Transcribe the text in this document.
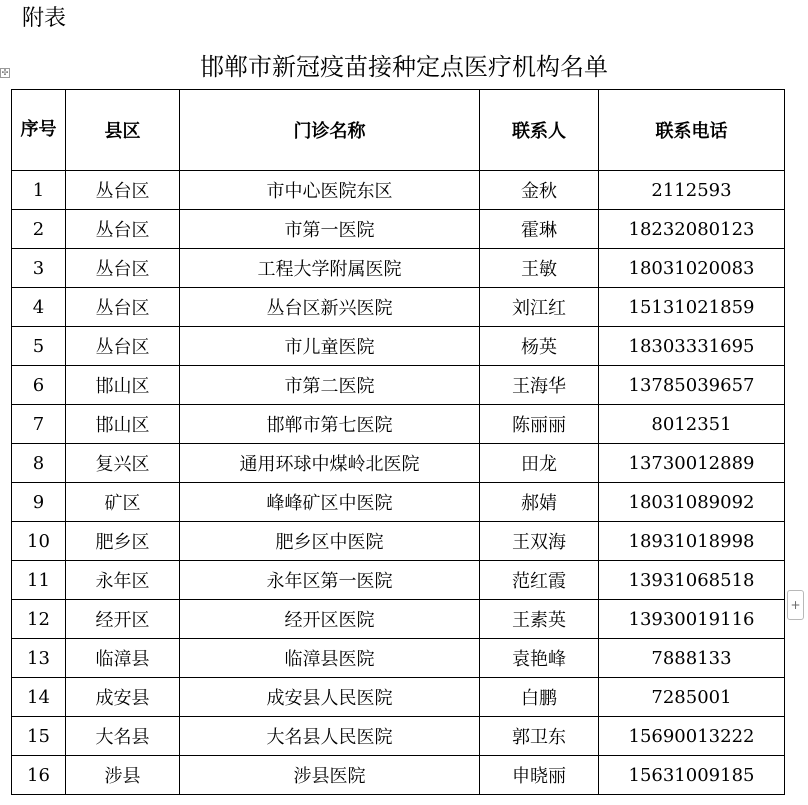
附表
✣	邯郸市新冠疫苗接种定点医疗机构名单
序号	县区	门诊名称	联系人	联系电话
1	丛台区	市中心医院东区	金秋	2112593
2	丛台区	市第一医院	霍琳	18232080123
3	丛台区	工程大学附属医院	王敏	18031020083
4	丛台区	丛台区新兴医院	刘江红	15131021859
5	丛台区	市儿童医院	杨英	18303331695
6	邯山区	市第二医院	王海华	13785039657
7	邯山区	邯郸市第七医院	陈丽丽	8012351
8	复兴区	通用环球中煤岭北医院	田龙	13730012889
9	矿区	峰峰矿区中医院	郝婧	18031089092
10	肥乡区	肥乡区中医院	王双海	18931018998
11	永年区	永年区第一医院	范红霞	13931068518
12	经开区	经开区医院	王素英	13930019116
13	临漳县	临漳县医院	袁艳峰	7888133
14	成安县	成安县人民医院	白鹏	7285001
15	大名县	大名县人民医院	郭卫东	15690013222
16	涉县	涉县医院	申晓丽	15631009185
+
